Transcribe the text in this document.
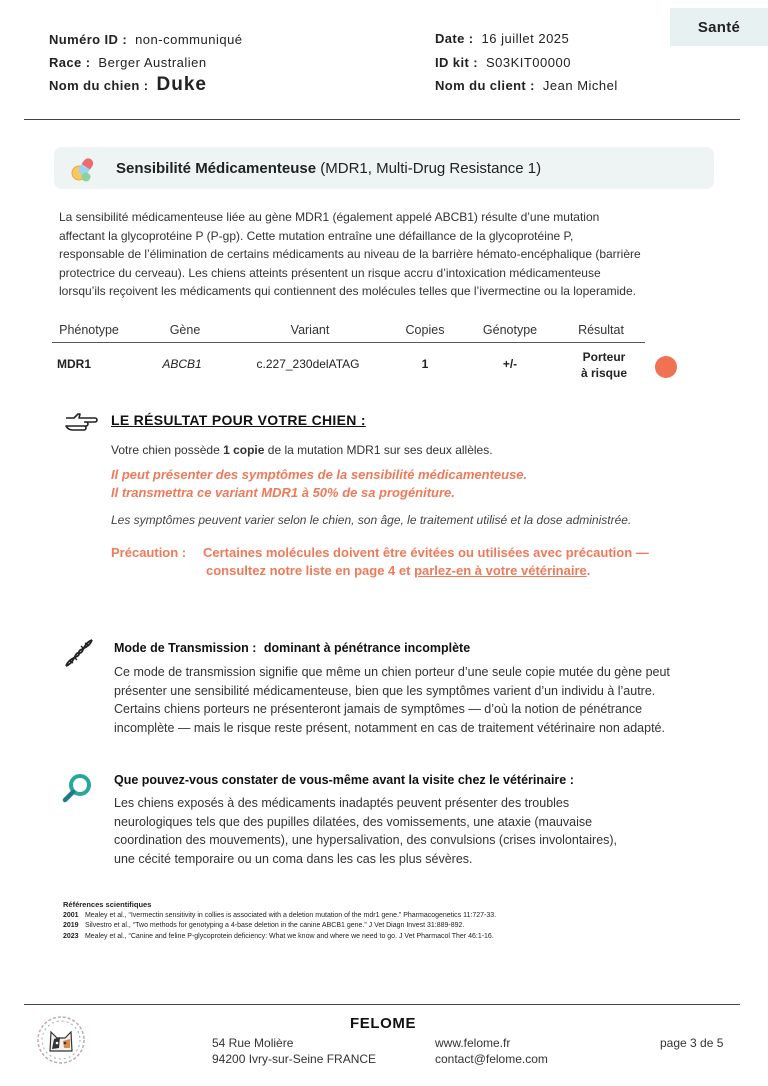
Santé
Numéro ID : non-communiqué
Race : Berger Australien
Nom du chien : Duke
Date : 16 juillet 2025
ID kit : S03KIT00000
Nom du client : Jean Michel
Sensibilité Médicamenteuse (MDR1, Multi-Drug Resistance 1)
La sensibilité médicamenteuse liée au gène MDR1 (également appelé ABCB1) résulte d’une mutation
affectant la glycoprotéine P (P-gp). Cette mutation entraîne une défaillance de la glycoprotéine P,
responsable de l’élimination de certains médicaments au niveau de la barrière hémato-encéphalique (barrière
protectrice du cerveau). Les chiens atteints présentent un risque accru d’intoxication médicamenteuse
lorsqu’ils reçoivent les médicaments qui contiennent des molécules telles que l’ivermectine ou la loperamide.
Phénotype	Gène	Variant	Copies	Génotype	Résultat
MDR1	ABCB1	c.227_230delATAG	1	+/-	Porteur
à risque
LE RÉSULTAT POUR VOTRE CHIEN :
Votre chien possède 1 copie de la mutation MDR1 sur ses deux allèles.
Il peut présenter des symptômes de la sensibilité médicamenteuse.
Il transmettra ce variant MDR1 à 50% de sa progéniture.
Les symptômes peuvent varier selon le chien, son âge, le traitement utilisé et la dose administrée.
Précaution : Certaines molécules doivent être évitées ou utilisées avec précaution —
consultez notre liste en page 4 et parlez-en à votre vétérinaire.
Mode de Transmission : dominant à pénétrance incomplète
Ce mode de transmission signifie que même un chien porteur d’une seule copie mutée du gène peut
présenter une sensibilité médicamenteuse, bien que les symptômes varient d’un individu à l’autre.
Certains chiens porteurs ne présenteront jamais de symptômes — d’où la notion de pénétrance
incomplète — mais le risque reste présent, notamment en cas de traitement vétérinaire non adapté.
Que pouvez-vous constater de vous-même avant la visite chez le vétérinaire :
Les chiens exposés à des médicaments inadaptés peuvent présenter des troubles
neurologiques tels que des pupilles dilatées, des vomissements, une ataxie (mauvaise
coordination des mouvements), une hypersalivation, des convulsions (crises involontaires),
une cécité temporaire ou un coma dans les cas les plus sévères.
Références scientifiques
2001 Mealey et al., “Ivermectin sensitivity in collies is associated with a deletion mutation of the mdr1 gene.” Pharmacogenetics 11:727-33.
2019 Silvestro et al., “Two methods for genotyping a 4-base deletion in the canine ABCB1 gene.” J Vet Diagn Invest 31:889-892.
2023 Mealey et al., “Canine and feline P-glycoprotein deficiency: What we know and where we need to go. J Vet Pharmacol Ther 46:1-16.
FELOME
54 Rue Molière
94200 Ivry-sur-Seine FRANCE
www.felome.fr
contact@felome.com
page 3 de 5
